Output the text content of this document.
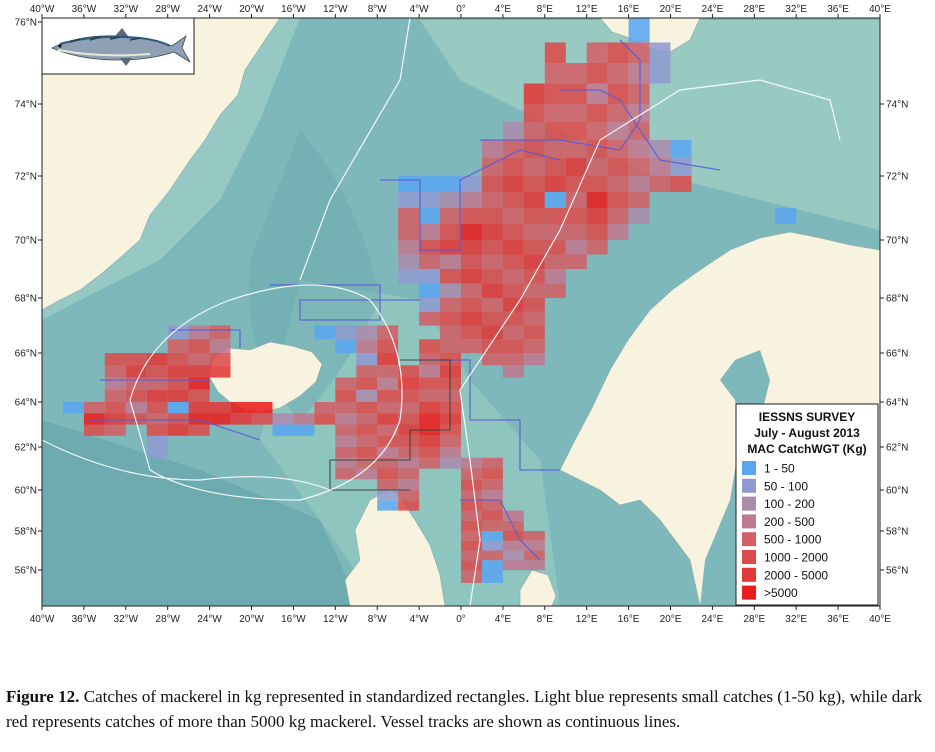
40°W 36°W 32°W 28°W 24°W 20°W 16°W 12°W 8°W 4°W	0°	4°E	8°E 12°E 16°E 20°E 24°E 28°E 32°E 36°E 40°E
40°W 36°W 32°W 28°W 24°W 20°W 16°W 12°W 8°W 4°W	0°	4°E	8°E 12°E 16°E 20°E 24°E 28°E 32°E 36°E 40°E
76°N
74°N
72°N
70°N
68°N
66°N
64°N
62°N
60°N
58°N
56°N
74°N
72°N
70°N
68°N
66°N
64°N
62°N
60°N
58°N
56°N
IESSNS SURVEY
July - August 2013
MAC CatchWGT (Kg)
1 - 50
50 - 100
100 - 200
200 - 500
500 - 1000
1000 - 2000
2000 - 5000
>5000
Figure 12. Catches of mackerel in kg represented in standardized rectangles. Light blue represents small catches (1-50 kg), while dark red represents catches of more than 5000 kg mackerel. Vessel tracks are shown as continuous lines.
